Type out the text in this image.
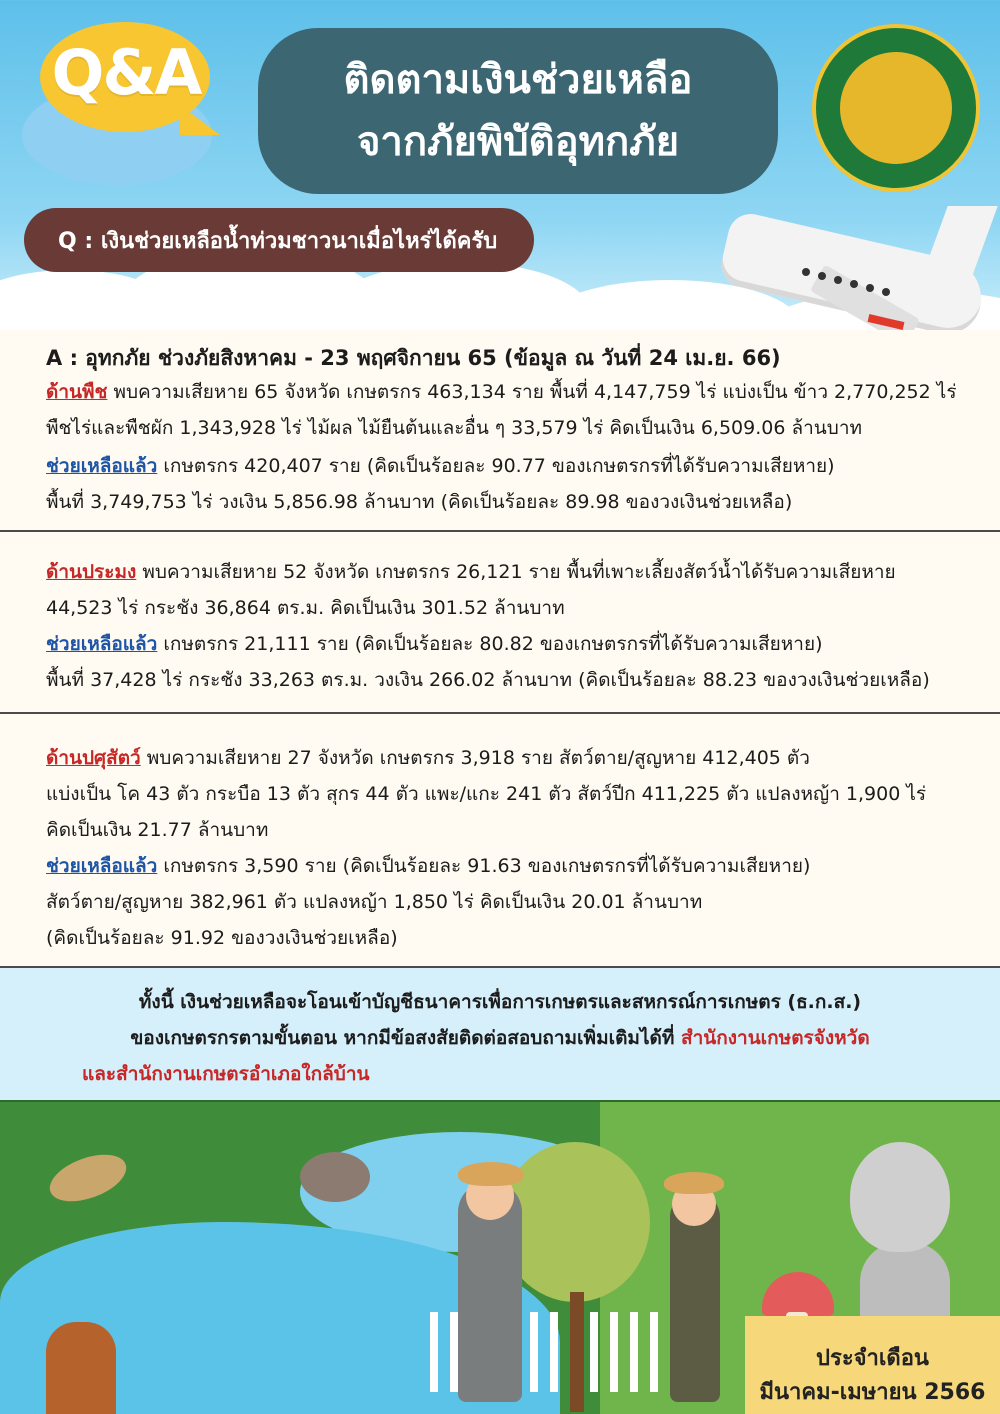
Q&A	ติดตามเงินช่วยเหลือ
จากภัยพิบัติอุทกภัย
Q : เงินช่วยเหลือน้ำท่วมชาวนาเมื่อไหร่ได้ครับ
A : อุทกภัย ช่วงภัยสิงหาคม - 23 พฤศจิกายน 65 (ข้อมูล ณ วันที่ 24 เม.ย. 66)
ด้านพืช พบความเสียหาย 65 จังหวัด เกษตรกร 463,134 ราย พื้นที่ 4,147,759 ไร่ แบ่งเป็น ข้าว 2,770,252 ไร่
พืชไร่และพืชผัก 1,343,928 ไร่ ไม้ผล ไม้ยืนต้นและอื่น ๆ 33,579 ไร่ คิดเป็นเงิน 6,509.06 ล้านบาท
ช่วยเหลือแล้ว เกษตรกร 420,407 ราย (คิดเป็นร้อยละ 90.77 ของเกษตรกรที่ได้รับความเสียหาย)
พื้นที่ 3,749,753 ไร่ วงเงิน 5,856.98 ล้านบาท (คิดเป็นร้อยละ 89.98 ของวงเงินช่วยเหลือ)
ด้านประมง พบความเสียหาย 52 จังหวัด เกษตรกร 26,121 ราย พื้นที่เพาะเลี้ยงสัตว์น้ำได้รับความเสียหาย
44,523 ไร่ กระชัง 36,864 ตร.ม. คิดเป็นเงิน 301.52 ล้านบาท
ช่วยเหลือแล้ว เกษตรกร 21,111 ราย (คิดเป็นร้อยละ 80.82 ของเกษตรกรที่ได้รับความเสียหาย)
พื้นที่ 37,428 ไร่ กระชัง 33,263 ตร.ม. วงเงิน 266.02 ล้านบาท (คิดเป็นร้อยละ 88.23 ของวงเงินช่วยเหลือ)
ด้านปศุสัตว์ พบความเสียหาย 27 จังหวัด เกษตรกร 3,918 ราย สัตว์ตาย/สูญหาย 412,405 ตัว
แบ่งเป็น โค 43 ตัว กระบือ 13 ตัว สุกร 44 ตัว แพะ/แกะ 241 ตัว สัตว์ปีก 411,225 ตัว แปลงหญ้า 1,900 ไร่
คิดเป็นเงิน 21.77 ล้านบาท
ช่วยเหลือแล้ว เกษตรกร 3,590 ราย (คิดเป็นร้อยละ 91.63 ของเกษตรกรที่ได้รับความเสียหาย)
สัตว์ตาย/สูญหาย 382,961 ตัว แปลงหญ้า 1,850 ไร่ คิดเป็นเงิน 20.01 ล้านบาท
(คิดเป็นร้อยละ 91.92 ของวงเงินช่วยเหลือ)
ทั้งนี้ เงินช่วยเหลือจะโอนเข้าบัญชีธนาคารเพื่อการเกษตรและสหกรณ์การเกษตร (ธ.ก.ส.)
ของเกษตรกรตามขั้นตอน หากมีข้อสงสัยติดต่อสอบถามเพิ่มเติมได้ที่ สำนักงานเกษตรจังหวัด
และสำนักงานเกษตรอำเภอใกล้บ้าน
ประจำเดือน
มีนาคม-เมษายน 2566
